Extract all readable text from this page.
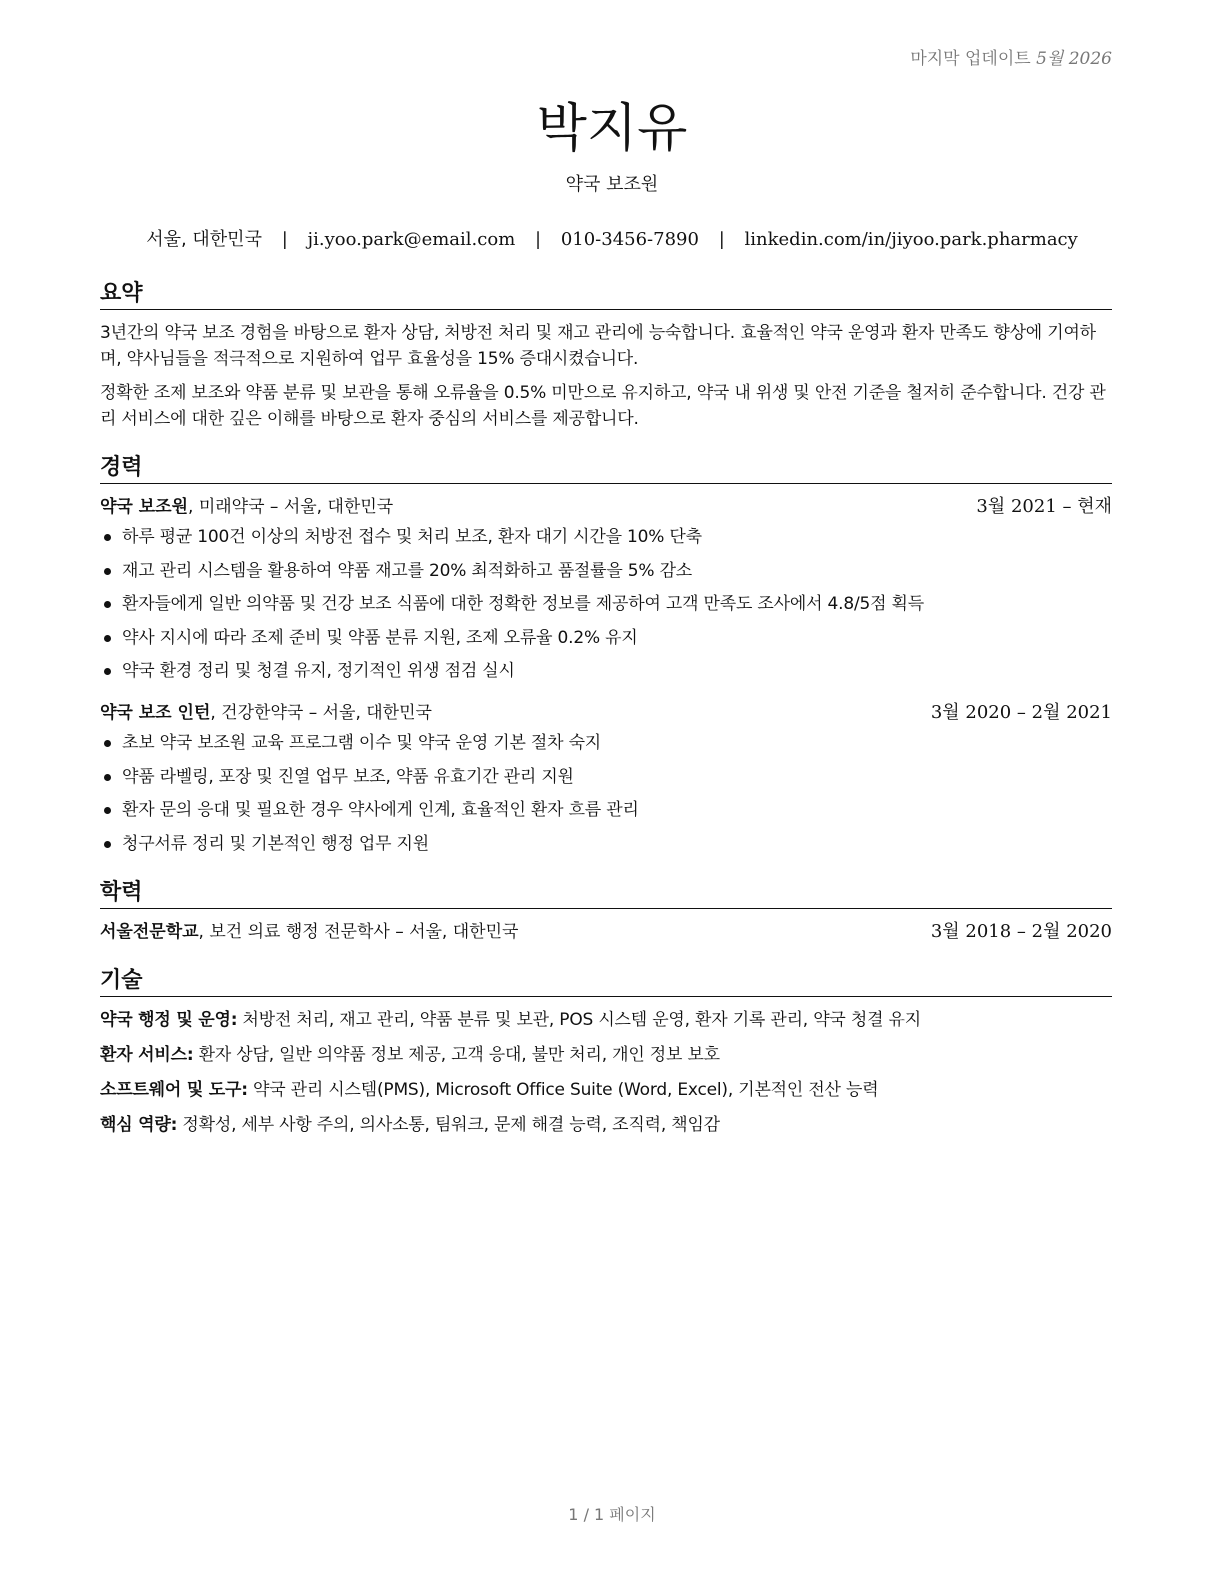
마지막 업데이트 5월 2026
박지유
약국 보조원
서울, 대한민국 | ji.yoo.park@email.com | 010-3456-7890 | linkedin.com/in/jiyoo.park.pharmacy
요약

3년간의 약국 보조 경험을 바탕으로 환자 상담, 처방전 처리 및 재고 관리에 능숙합니다. 효율적인 약국 운영과 환자 만족도 향상에 기여하며, 약사님들을 적극적으로 지원하여 업무 효율성을 15% 증대시켰습니다.

정확한 조제 보조와 약품 분류 및 보관을 통해 오류율을 0.5% 미만으로 유지하고, 약국 내 위생 및 안전 기준을 철저히 준수합니다. 건강 관리 서비스에 대한 깊은 이해를 바탕으로 환자 중심의 서비스를 제공합니다.

경력
약국 보조원, 미래약국 – 서울, 대한민국	3월 2021 – 현재
하루 평균 100건 이상의 처방전 접수 및 처리 보조, 환자 대기 시간을 10% 단축
재고 관리 시스템을 활용하여 약품 재고를 20% 최적화하고 품절률을 5% 감소
환자들에게 일반 의약품 및 건강 보조 식품에 대한 정확한 정보를 제공하여 고객 만족도 조사에서 4.8/5점 획득
약사 지시에 따라 조제 준비 및 약품 분류 지원, 조제 오류율 0.2% 유지
약국 환경 정리 및 청결 유지, 정기적인 위생 점검 실시
약국 보조 인턴, 건강한약국 – 서울, 대한민국	3월 2020 – 2월 2021
초보 약국 보조원 교육 프로그램 이수 및 약국 운영 기본 절차 숙지
약품 라벨링, 포장 및 진열 업무 보조, 약품 유효기간 관리 지원
환자 문의 응대 및 필요한 경우 약사에게 인계, 효율적인 환자 흐름 관리
청구서류 정리 및 기본적인 행정 업무 지원
학력
서울전문학교, 보건 의료 행정 전문학사 – 서울, 대한민국	3월 2018 – 2월 2020
기술
약국 행정 및 운영: 처방전 처리, 재고 관리, 약품 분류 및 보관, POS 시스템 운영, 환자 기록 관리, 약국 청결 유지
환자 서비스: 환자 상담, 일반 의약품 정보 제공, 고객 응대, 불만 처리, 개인 정보 보호
소프트웨어 및 도구: 약국 관리 시스템(PMS), Microsoft Office Suite (Word, Excel), 기본적인 전산 능력
핵심 역량: 정확성, 세부 사항 주의, 의사소통, 팀워크, 문제 해결 능력, 조직력, 책임감
1 / 1 페이지
